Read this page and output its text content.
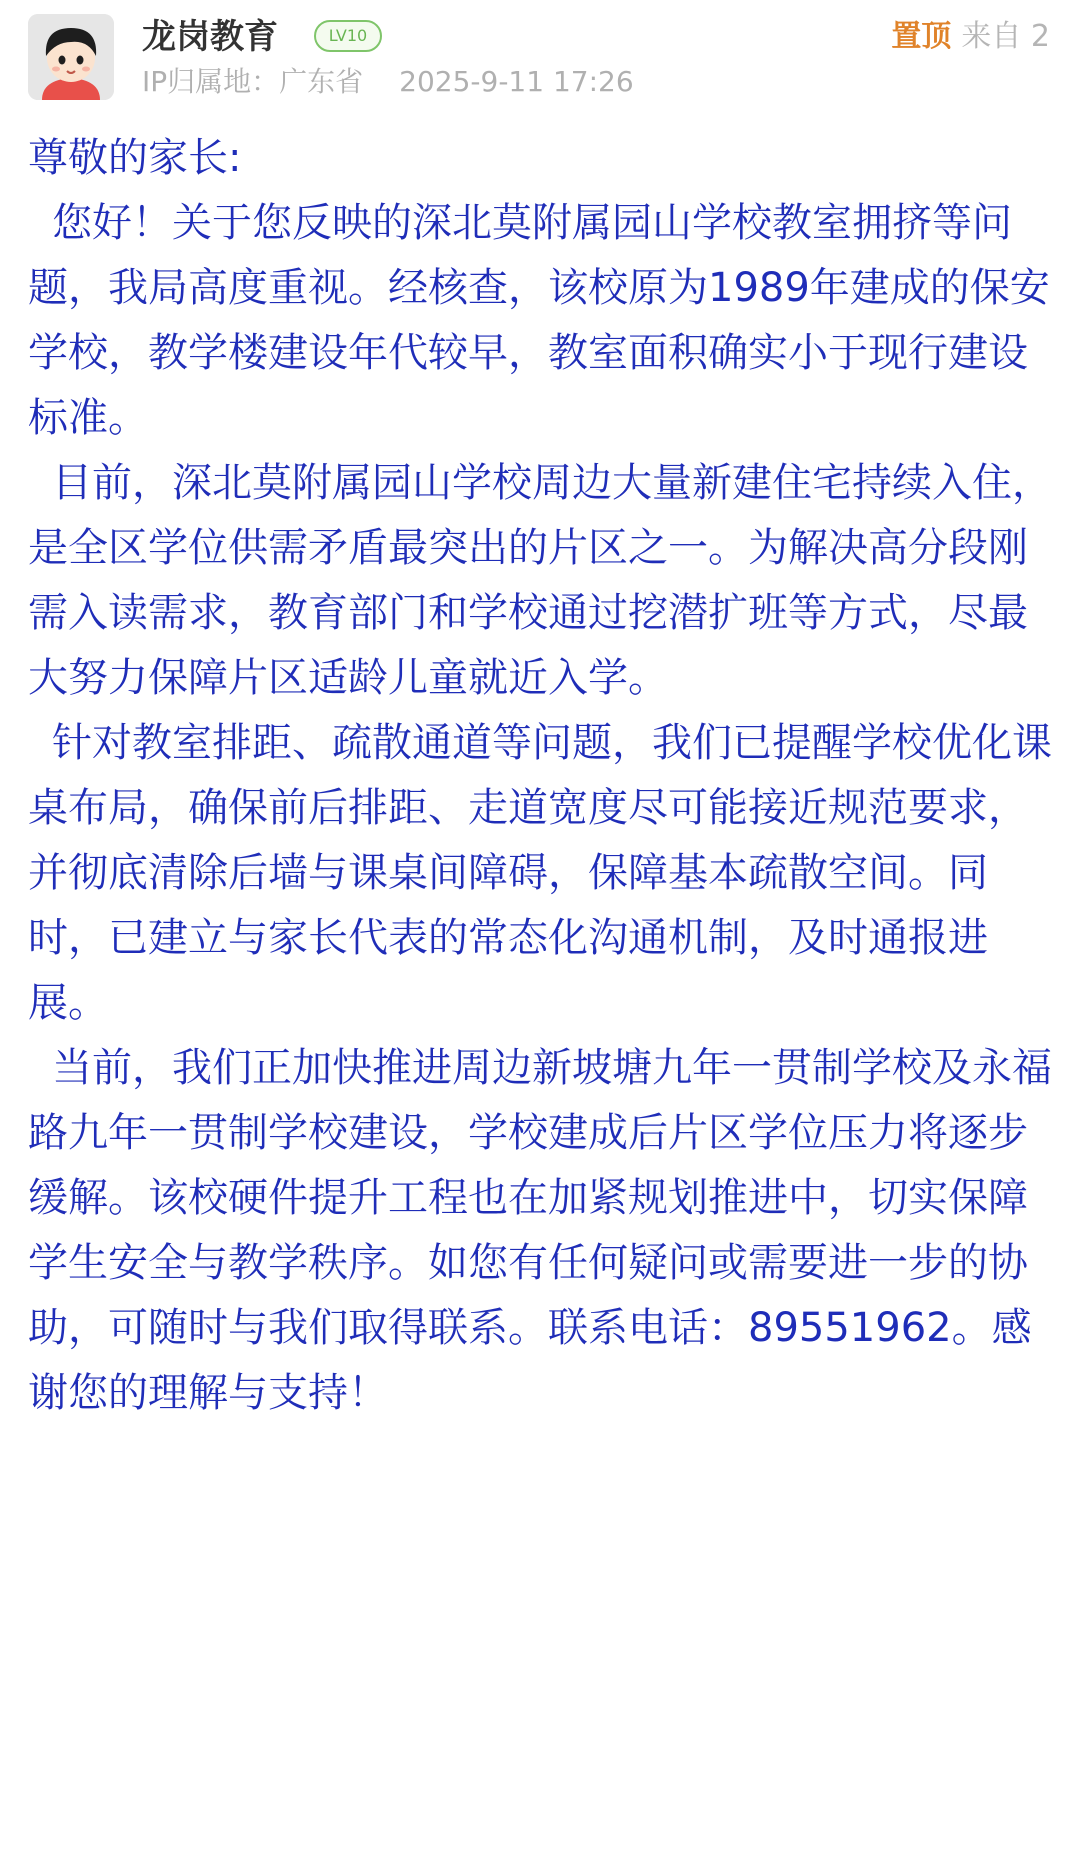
龙岗教育	LV10
IP归属地：广东省 2025-9-11 17:26
置顶 来自 2

尊敬的家长:

您好！关于您反映的深北莫附属园山学校教室拥挤等问题，我局高度重视。经核查，该校原为1989年建成的保安学校，教学楼建设年代较早，教室面积确实小于现行建设标准。

目前，深北莫附属园山学校周边大量新建住宅持续入住，是全区学位供需矛盾最突出的片区之一。为解决高分段刚需入读需求，教育部门和学校通过挖潜扩班等方式，尽最大努力保障片区适龄儿童就近入学。

针对教室排距、疏散通道等问题，我们已提醒学校优化课桌布局，确保前后排距、走道宽度尽可能接近规范要求，并彻底清除后墙与课桌间障碍，保障基本疏散空间。同时，已建立与家长代表的常态化沟通机制，及时通报进展。

当前，我们正加快推进周边新坡塘九年一贯制学校及永福路九年一贯制学校建设，学校建成后片区学位压力将逐步缓解。该校硬件提升工程也在加紧规划推进中，切实保障学生安全与教学秩序。如您有任何疑问或需要进一步的协助，可随时与我们取得联系。联系电话：89551962。感谢您的理解与支持！
